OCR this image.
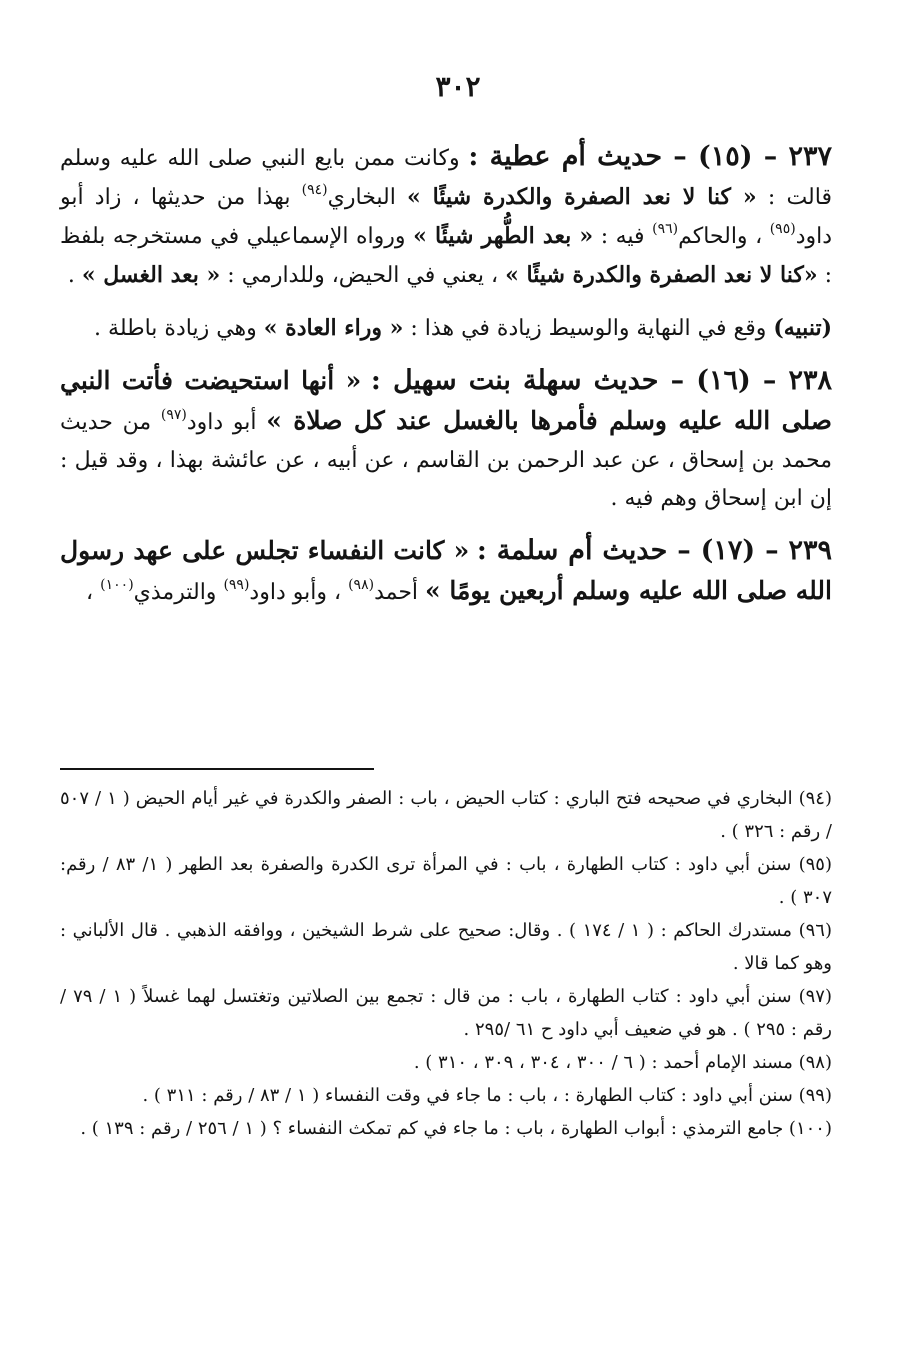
٣٠٢

٢٣٧ – (١٥) – حديث أم عطية : وكانت ممن بايع النبي صلى الله عليه وسلم قالت : « كنا لا نعد الصفرة والكدرة شيئًا » البخاري$^{(٩٤)}$ بهذا من حديثها ، زاد أبو داود$^{(٩٥)}$ ، والحاكم$^{(٩٦)}$ فيه : « بعد الطُّهر شيئًا » ورواه الإسماعيلي في مستخرجه بلفظ : «كنا لا نعد الصفرة والكدرة شيئًا » ، يعني في الحيض، وللدارمي : « بعد الغسل » .

(تنبيه) وقع في النهاية والوسيط زيادة في هذا : « وراء العادة » وهي زيادة باطلة .

٢٣٨ – (١٦) – حديث سهلة بنت سهيل : « أنها استحيضت فأتت النبي صلى الله عليه وسلم فأمرها بالغسل عند كل صلاة » أبو داود$^{(٩٧)}$ من حديث محمد بن إسحاق ، عن عبد الرحمن بن القاسم ، عن أبيه ، عن عائشة بهذا ، وقد قيل : إن ابن إسحاق وهم فيه .

٢٣٩ – (١٧) – حديث أم سلمة : « كانت النفساء تجلس على عهد رسول الله صلى الله عليه وسلم أربعين يومًا » أحمد$^{(٩٨)}$ ، وأبو داود$^{(٩٩)}$ والترمذي$^{(١٠٠)}$ ،

(٩٤) البخاري في صحيحه فتح الباري : كتاب الحيض ، باب : الصفر والكدرة في غير أيام الحيض ( ١ / ٥٠٧ / رقم : ٣٢٦ ) .

(٩٥) سنن أبي داود : كتاب الطهارة ، باب : في المرأة ترى الكدرة والصفرة بعد الطهر ( ١/ ٨٣ / رقم: ٣٠٧ ) .

(٩٦) مستدرك الحاكم : ( ١ / ١٧٤ ) . وقال: صحيح على شرط الشيخين ، ووافقه الذهبي . قال الألباني : وهو كما قالا .

(٩٧) سنن أبي داود : كتاب الطهارة ، باب : من قال : تجمع بين الصلاتين وتغتسل لهما غسلاً ( ١ / ٧٩ / رقم : ٢٩٥ ) . هو في ضعيف أبي داود ح ٦١ /٢٩٥ .

(٩٨) مسند الإمام أحمد : ( ٦ / ٣٠٠ ، ٣٠٤ ، ٣٠٩ ، ٣١٠ ) .

(٩٩) سنن أبي داود : كتاب الطهارة : ، باب : ما جاء في وقت النفساء ( ١ / ٨٣ / رقم : ٣١١ ) .

(١٠٠) جامع الترمذي : أبواب الطهارة ، باب : ما جاء في كم تمكث النفساء ؟ ( ١ / ٢٥٦ / رقم : ١٣٩ ) .
